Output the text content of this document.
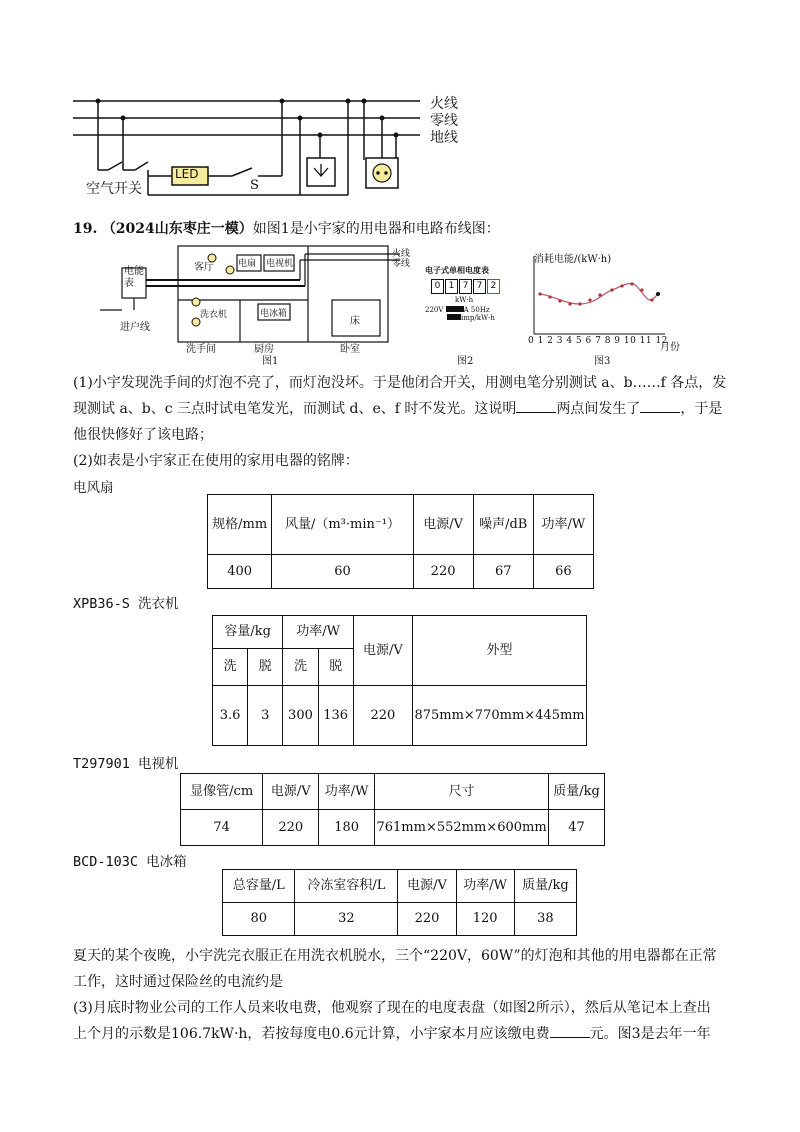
火线
零线
地线
空气开关
LED
S
19. （2024山东枣庄一模）如图1是小宇家的用电器和电路布线图：
电能表
客厅	电扇 电视机
火线
零线
洗衣机	电冰箱
床
进户线
洗手间	厨房	卧室
图1
电子式单相电度表
0 1 7 7 2
kW·h
220V	A 50Hz
imp/kW·h
图2
消耗电能/(kW·h)
0 1 2 3 4 5 6 7 8 9 10 11 12
月份
图3
(1)小宇发现洗手间的灯泡不亮了，而灯泡没坏。于是他闭合开关，用测电笔分别测试 a、b……f 各点，发
现测试 a、b、c 三点时试电笔发光，而测试 d、e、f 时不发光。这说明	两点间发生了	，于是
他很快修好了该电路；
(2)如表是小宇家正在使用的家用电器的铭牌：
电风扇
规格/mm	风量/（m³·min⁻¹）	电源/V	噪声/dB	功率/W
400	60	220	67	66
XPB36-S 洗衣机
容量/kg		功率/W		电源/V	外型
洗	脱	洗	脱		
3.6	3	300	136	220	875mm×770mm×445mm
T297901 电视机
显像管/cm	电源/V	功率/W	尺寸	质量/kg
74	220	180	761mm×552mm×600mm	47
BCD-103C 电冰箱
总容量/L	冷冻室容积/L	电源/V	功率/W	质量/kg
80	32	220	120	38
夏天的某个夜晚，小宇洗完衣服正在用洗衣机脱水，三个“220V，60W”的灯泡和其他的用电器都在正常
工作，这时通过保险丝的电流约是
(3)月底时物业公司的工作人员来收电费，他观察了现在的电度表盘（如图2所示），然后从笔记本上查出
上个月的示数是106.7kW·h，若按每度电0.6元计算，小宇家本月应该缴电费	元。图3是去年一年
